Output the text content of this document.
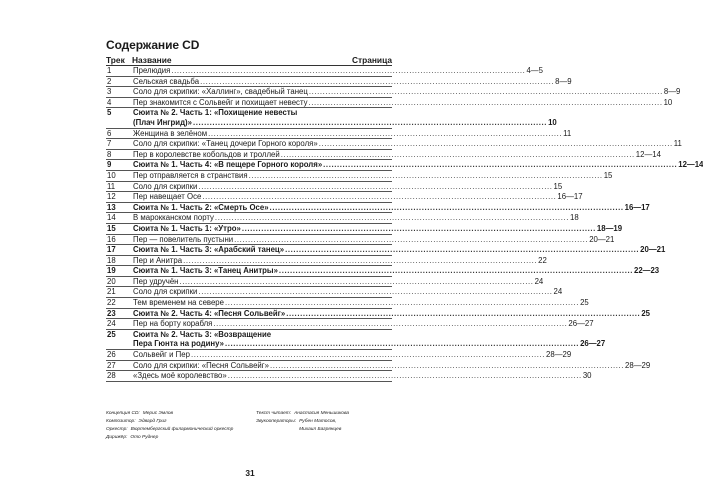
Содержание CD
Трек Название	Страница
1	Прелюдия .....	4—5
2	Сельская свадьба .....	8—9
3	Соло для скрипки: «Халлинг», свадебный танец .....	8—9
4	Пер знакомится с Сольвейг и похищает невесту .....	10
5	Сюита № 2. Часть 1: «Похищение невесты
(Плач Ингрид)» .....	10
6	Женщина в зелёном .....	11
7	Соло для скрипки: «Танец дочери Горного короля» .....	11
8	Пер в королевстве кобольдов и троллей .....	12—14
9	Сюита № 1. Часть 4: «В пещере Горного короля» .....	12—14
10	Пер отправляется в странствия .....	15
11	Соло для скрипки .....	15
12	Пер навещает Осе .....	16—17
13	Сюита № 1. Часть 2: «Смерть Осе» .....	16—17
14	В марокканском порту .....	18
15	Сюита № 1. Часть 1: «Утро» .....	18—19
16	Пер — повелитель пустыни .....	20—21
17	Сюита № 1. Часть 3: «Арабский танец» .....	20—21
18	Пер и Анитра .....	22
19	Сюита № 1. Часть 3: «Танец Анитры» .....	22—23
20	Пер удручён .....	24
21	Соло для скрипки .....	24
22	Тем временем на севере .....	25
23	Сюита № 2. Часть 4: «Песня Сольвейг» .....	25
24	Пер на борту корабля .....	26—27
25	Сюита № 2. Часть 3: «Возвращение
Пера Гюнта на родину» .....	26—27
26	Сольвейг и Пер .....	28—29
27	Соло для скрипки: «Песня Сольвейг» .....	28—29
28	«Здесь моё королевство» .....	30
Концепция CD: Мерис Эмлов
Композитор: Эдвард Григ
Оркестр: Вюртембергский филармонический оркестр
Дирижёр: Ото Руднер
Текст читает: Анастасия Меньшикова
Звукооператоры: Рубен Матосов,
Михаил Багрянцев
31
